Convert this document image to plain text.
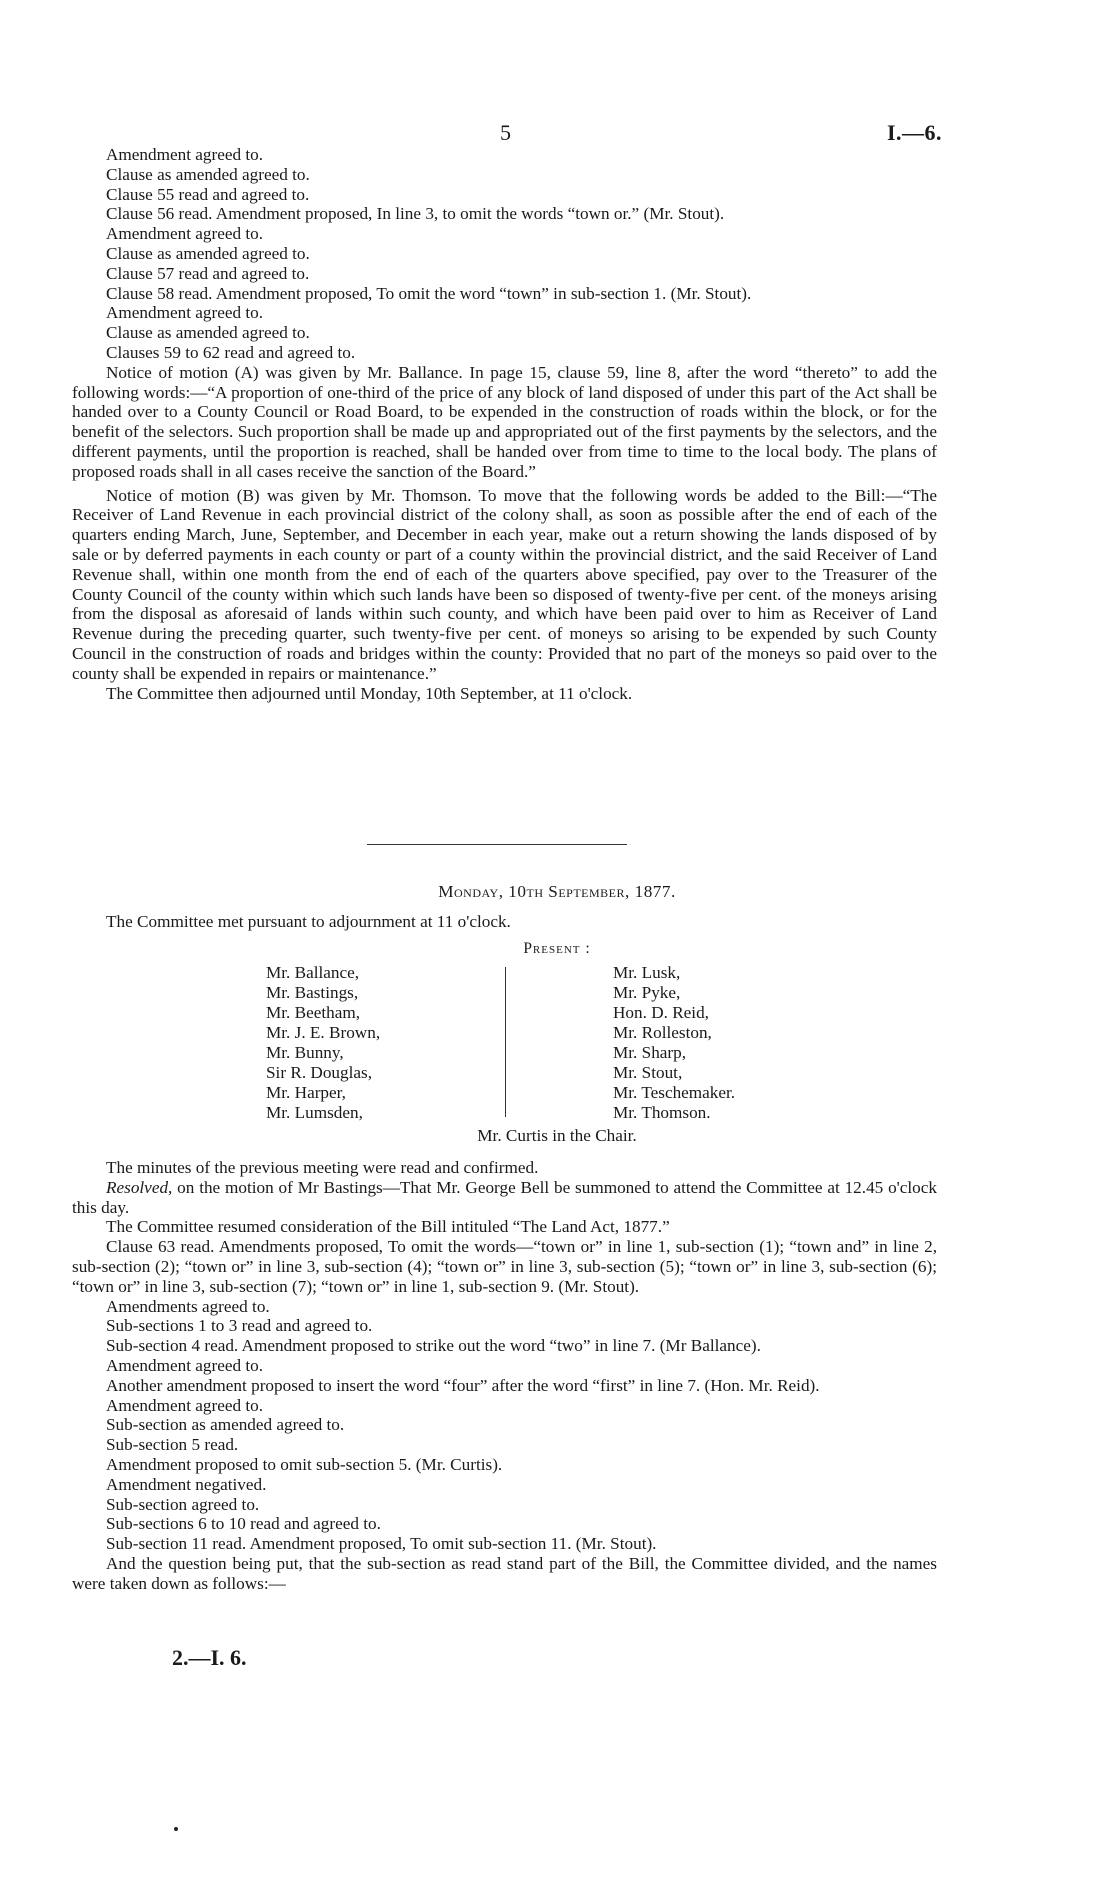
5	I.—6.
Amendment agreed to.
Clause as amended agreed to.
Clause 55 read and agreed to.
Clause 56 read. Amendment proposed, In line 3, to omit the words “town or.” (Mr. Stout).
Amendment agreed to.
Clause as amended agreed to.
Clause 57 read and agreed to.
Clause 58 read. Amendment proposed, To omit the word “town” in sub-section 1. (Mr. Stout).
Amendment agreed to.
Clause as amended agreed to.
Clauses 59 to 62 read and agreed to.
Notice of motion (A) was given by Mr. Ballance. In page 15, clause 59, line 8, after the word “thereto” to add the following words:—“A proportion of one-third of the price of any block of land disposed of under this part of the Act shall be handed over to a County Council or Road Board, to be expended in the construction of roads within the block, or for the benefit of the selectors. Such proportion shall be made up and appropriated out of the first payments by the selectors, and the different payments, until the proportion is reached, shall be handed over from time to time to the local body. The plans of proposed roads shall in all cases receive the sanction of the Board.”
Notice of motion (B) was given by Mr. Thomson. To move that the following words be added to the Bill:—“The Receiver of Land Revenue in each provincial district of the colony shall, as soon as possible after the end of each of the quarters ending March, June, September, and December in each year, make out a return showing the lands disposed of by sale or by deferred payments in each county or part of a county within the provincial district, and the said Receiver of Land Revenue shall, within one month from the end of each of the quarters above specified, pay over to the Treasurer of the County Council of the county within which such lands have been so disposed of twenty-five per cent. of the moneys arising from the disposal as aforesaid of lands within such county, and which have been paid over to him as Receiver of Land Revenue during the preceding quarter, such twenty-five per cent. of moneys so arising to be expended by such County Council in the construction of roads and bridges within the county: Provided that no part of the moneys so paid over to the county shall be expended in repairs or maintenance.”
The Committee then adjourned until Monday, 10th September, at 11 o'clock.
Monday, 10th September, 1877.
The Committee met pursuant to adjournment at 11 o'clock.
Present :
Mr. Ballance,
Mr. Bastings,
Mr. Beetham,
Mr. J. E. Brown,
Mr. Bunny,
Sir R. Douglas,
Mr. Harper,
Mr. Lumsden,
Mr. Lusk,
Mr. Pyke,
Hon. D. Reid,
Mr. Rolleston,
Mr. Sharp,
Mr. Stout,
Mr. Teschemaker.
Mr. Thomson.
Mr. Curtis in the Chair.
The minutes of the previous meeting were read and confirmed.
Resolved, on the motion of Mr Bastings—That Mr. George Bell be summoned to attend the Committee at 12.45 o'clock this day.
The Committee resumed consideration of the Bill intituled “The Land Act, 1877.”
Clause 63 read. Amendments proposed, To omit the words—“town or” in line 1, sub-section (1); “town and” in line 2, sub-section (2); “town or” in line 3, sub-section (4); “town or” in line 3, sub-section (5); “town or” in line 3, sub-section (6); “town or” in line 3, sub-section (7); “town or” in line 1, sub-section 9. (Mr. Stout).
Amendments agreed to.
Sub-sections 1 to 3 read and agreed to.
Sub-section 4 read. Amendment proposed to strike out the word “two” in line 7. (Mr Ballance).
Amendment agreed to.
Another amendment proposed to insert the word “four” after the word “first” in line 7. (Hon. Mr. Reid).
Amendment agreed to.
Sub-section as amended agreed to.
Sub-section 5 read.
Amendment proposed to omit sub-section 5. (Mr. Curtis).
Amendment negatived.
Sub-section agreed to.
Sub-sections 6 to 10 read and agreed to.
Sub-section 11 read. Amendment proposed, To omit sub-section 11. (Mr. Stout).
And the question being put, that the sub-section as read stand part of the Bill, the Committee divided, and the names were taken down as follows:—
2.—I. 6.
